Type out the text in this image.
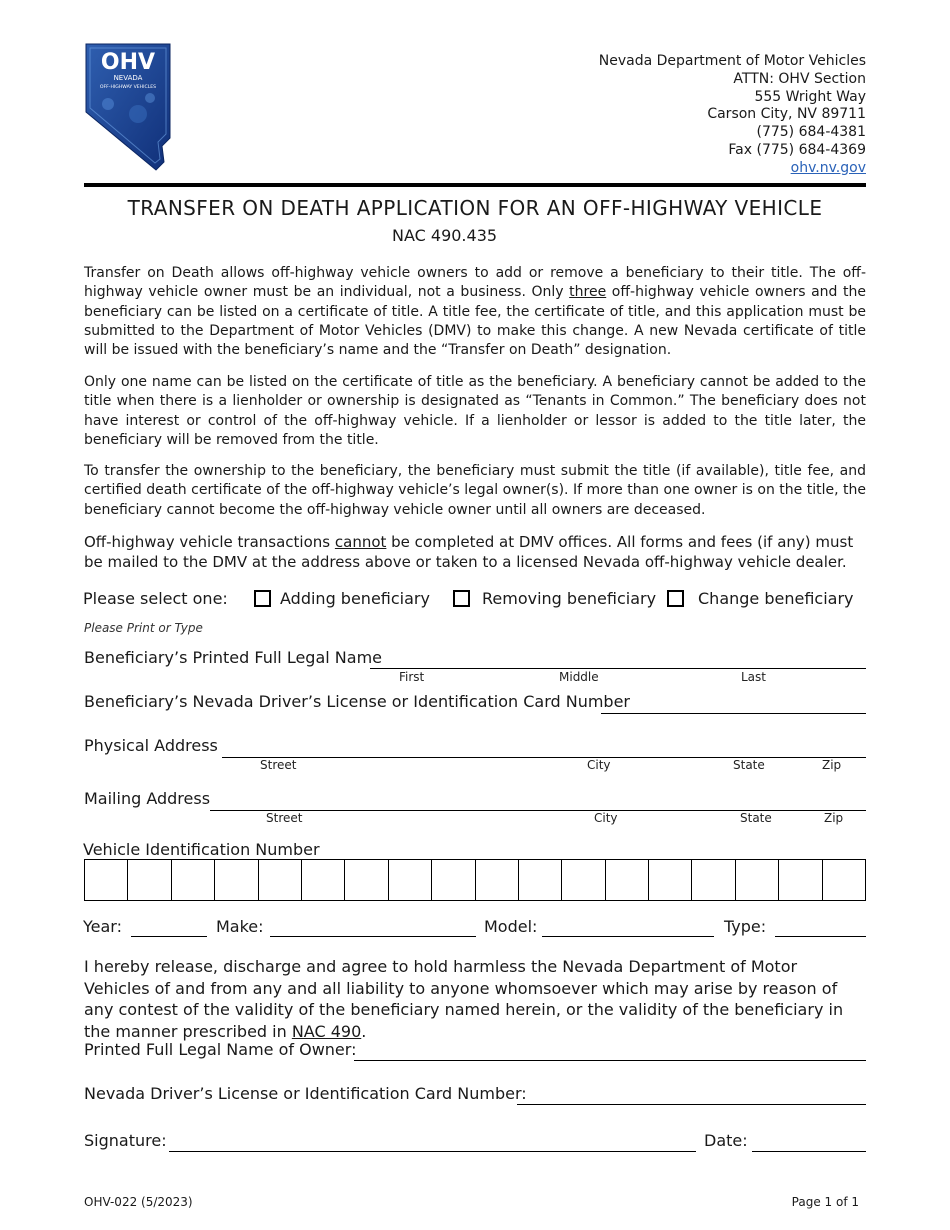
OHV
NEVADA
OFF-HIGHWAY VEHICLES
Nevada Department of Motor Vehicles
ATTN: OHV Section
555 Wright Way
Carson City, NV 89711
(775) 684-4381
Fax (775) 684-4369
ohv.nv.gov
TRANSFER ON DEATH APPLICATION FOR AN OFF-HIGHWAY VEHICLE
NAC 490.435
Transfer on Death allows off-highway vehicle owners to add or remove a beneficiary to their title. The off-highway vehicle owner must be an individual, not a business. Only three off-highway vehicle owners and the beneficiary can be listed on a certificate of title. A title fee, the certificate of title, and this application must be submitted to the Department of Motor Vehicles (DMV) to make this change. A new Nevada certificate of title will be issued with the beneficiary’s name and the “Transfer on Death” designation.
Only one name can be listed on the certificate of title as the beneficiary. A beneficiary cannot be added to the title when there is a lienholder or ownership is designated as “Tenants in Common.” The beneficiary does not have interest or control of the off-highway vehicle. If a lienholder or lessor is added to the title later, the beneficiary will be removed from the title.
To transfer the ownership to the beneficiary, the beneficiary must submit the title (if available), title fee, and certified death certificate of the off-highway vehicle’s legal owner(s). If more than one owner is on the title, the beneficiary cannot become the off-highway vehicle owner until all owners are deceased.
Off-highway vehicle transactions cannot be completed at DMV offices. All forms and fees (if any) must be mailed to the DMV at the address above or taken to a licensed Nevada off-highway vehicle dealer.
Please select one:	Adding beneficiary	Removing beneficiary	Change beneficiary
Please Print or Type
Beneficiary’s Printed Full Legal Name
First	Middle	Last
Beneficiary’s Nevada Driver’s License or Identification Card Number
Physical Address
Street	City	State	Zip
Mailing Address
Street	City	State	Zip
Vehicle Identification Number
Year:	Make:	Model:	Type:
I hereby release, discharge and agree to hold harmless the Nevada Department of Motor Vehicles of and from any and all liability to anyone whomsoever which may arise by reason of any contest of the validity of the beneficiary named herein, or the validity of the beneficiary in the manner prescribed in NAC 490.
Printed Full Legal Name of Owner:
Nevada Driver’s License or Identification Card Number:
Signature:	Date:
OHV-022 (5/2023)	Page 1 of 1
